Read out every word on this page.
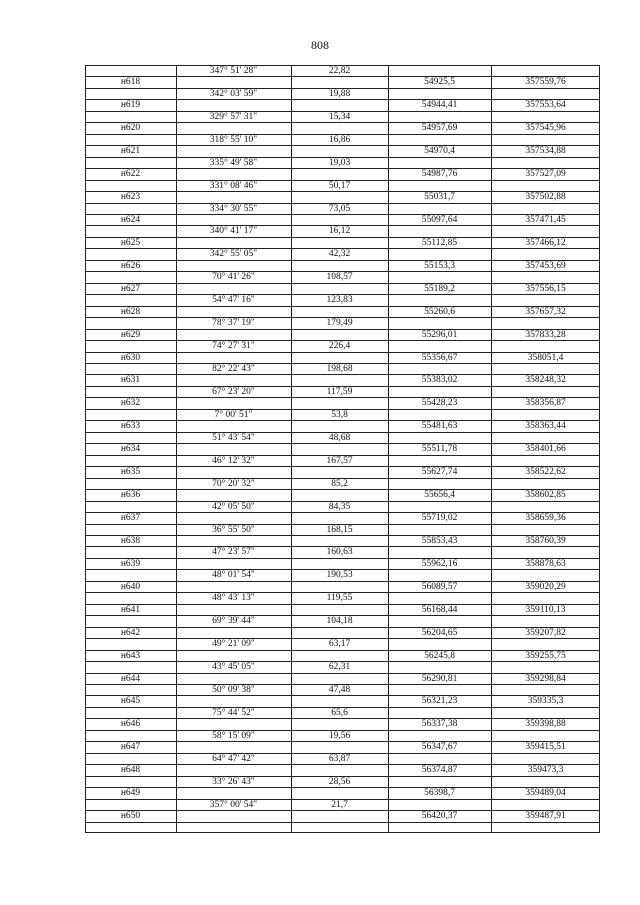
808
347° 51' 28"	22,82
н618	54925,5	357559,76
342° 03' 59"	19,88
н619	54944,41	357553,64
329° 57' 31"	15,34
н620	54957,69	357545,96
318° 55' 10"	16,86
н621	54970,4	357534,88
335° 49' 58"	19,03
н622	54987,76	357527,09
331° 08' 46"	50,17
н623	55031,7	357502,88
334° 30' 55"	73,05
н624	55097,64	357471,45
340° 41' 17"	16,12
н625	55112,85	357466,12
342° 55' 05"	42,32
н626	55153,3	357453,69
70° 41' 26"	108,57
н627	55189,2	357556,15
54° 47' 16"	123,83
н628	55260,6	357657,32
78° 37' 19"	179,49
н629	55296,01	357833,28
74° 27' 31"	226,4
н630	55356,67	358051,4
82° 22' 43"	198,68
н631	55383,02	358248,32
67° 23' 20"	117,59
н632	55428,23	358356,87
7° 00' 51"	53,8
н633	55481,63	358363,44
51° 43' 54"	48,68
н634	55511,78	358401,66
46° 12' 32"	167,57
н635	55627,74	358522,62
70° 20' 32"	85,2
н636	55656,4	358602,85
42° 05' 50"	84,35
н637	55719,02	358659,36
36° 55' 50"	168,15
н638	55853,43	358760,39
47° 23' 57"	160,63
н639	55962,16	358878,63
48° 01' 54"	190,53
н640	56089,57	359020,29
48° 43' 13"	119,55
н641	56168,44	359110,13
69° 39' 44"	104,18
н642	56204,65	359207,82
49° 21' 09"	63,17
н643	56245,8	359255,75
43° 45' 05"	62,31
н644	56290,81	359298,84
50° 09' 38"	47,48
н645	56321,23	359335,3
75° 44' 52"	65,6
н646	56337,38	359398,88
58° 15' 09"	19,56
н647	56347,67	359415,51
64° 47' 42"	63,87
н648	56374,87	359473,3
33° 26' 43"	28,56
н649	56398,7	359489,04
357° 00' 54"	21,7
н650	56420,37	359487,91
